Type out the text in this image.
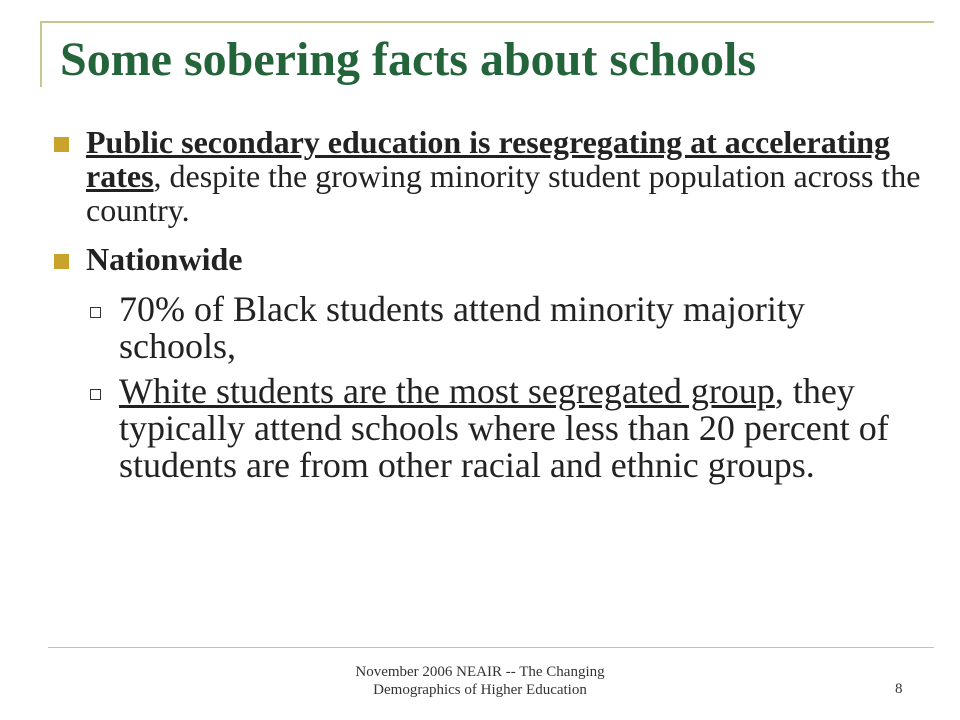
Some sobering facts about schools
Public secondary education is resegregating at accelerating rates, despite the growing minority student population across the country.
Nationwide
70% of Black students attend minority majority schools,
White students are the most segregated group, they typically attend schools where less than 20 percent of students are from other racial and ethnic groups.
November 2006 NEAIR -- The Changing
Demographics of Higher Education	8
